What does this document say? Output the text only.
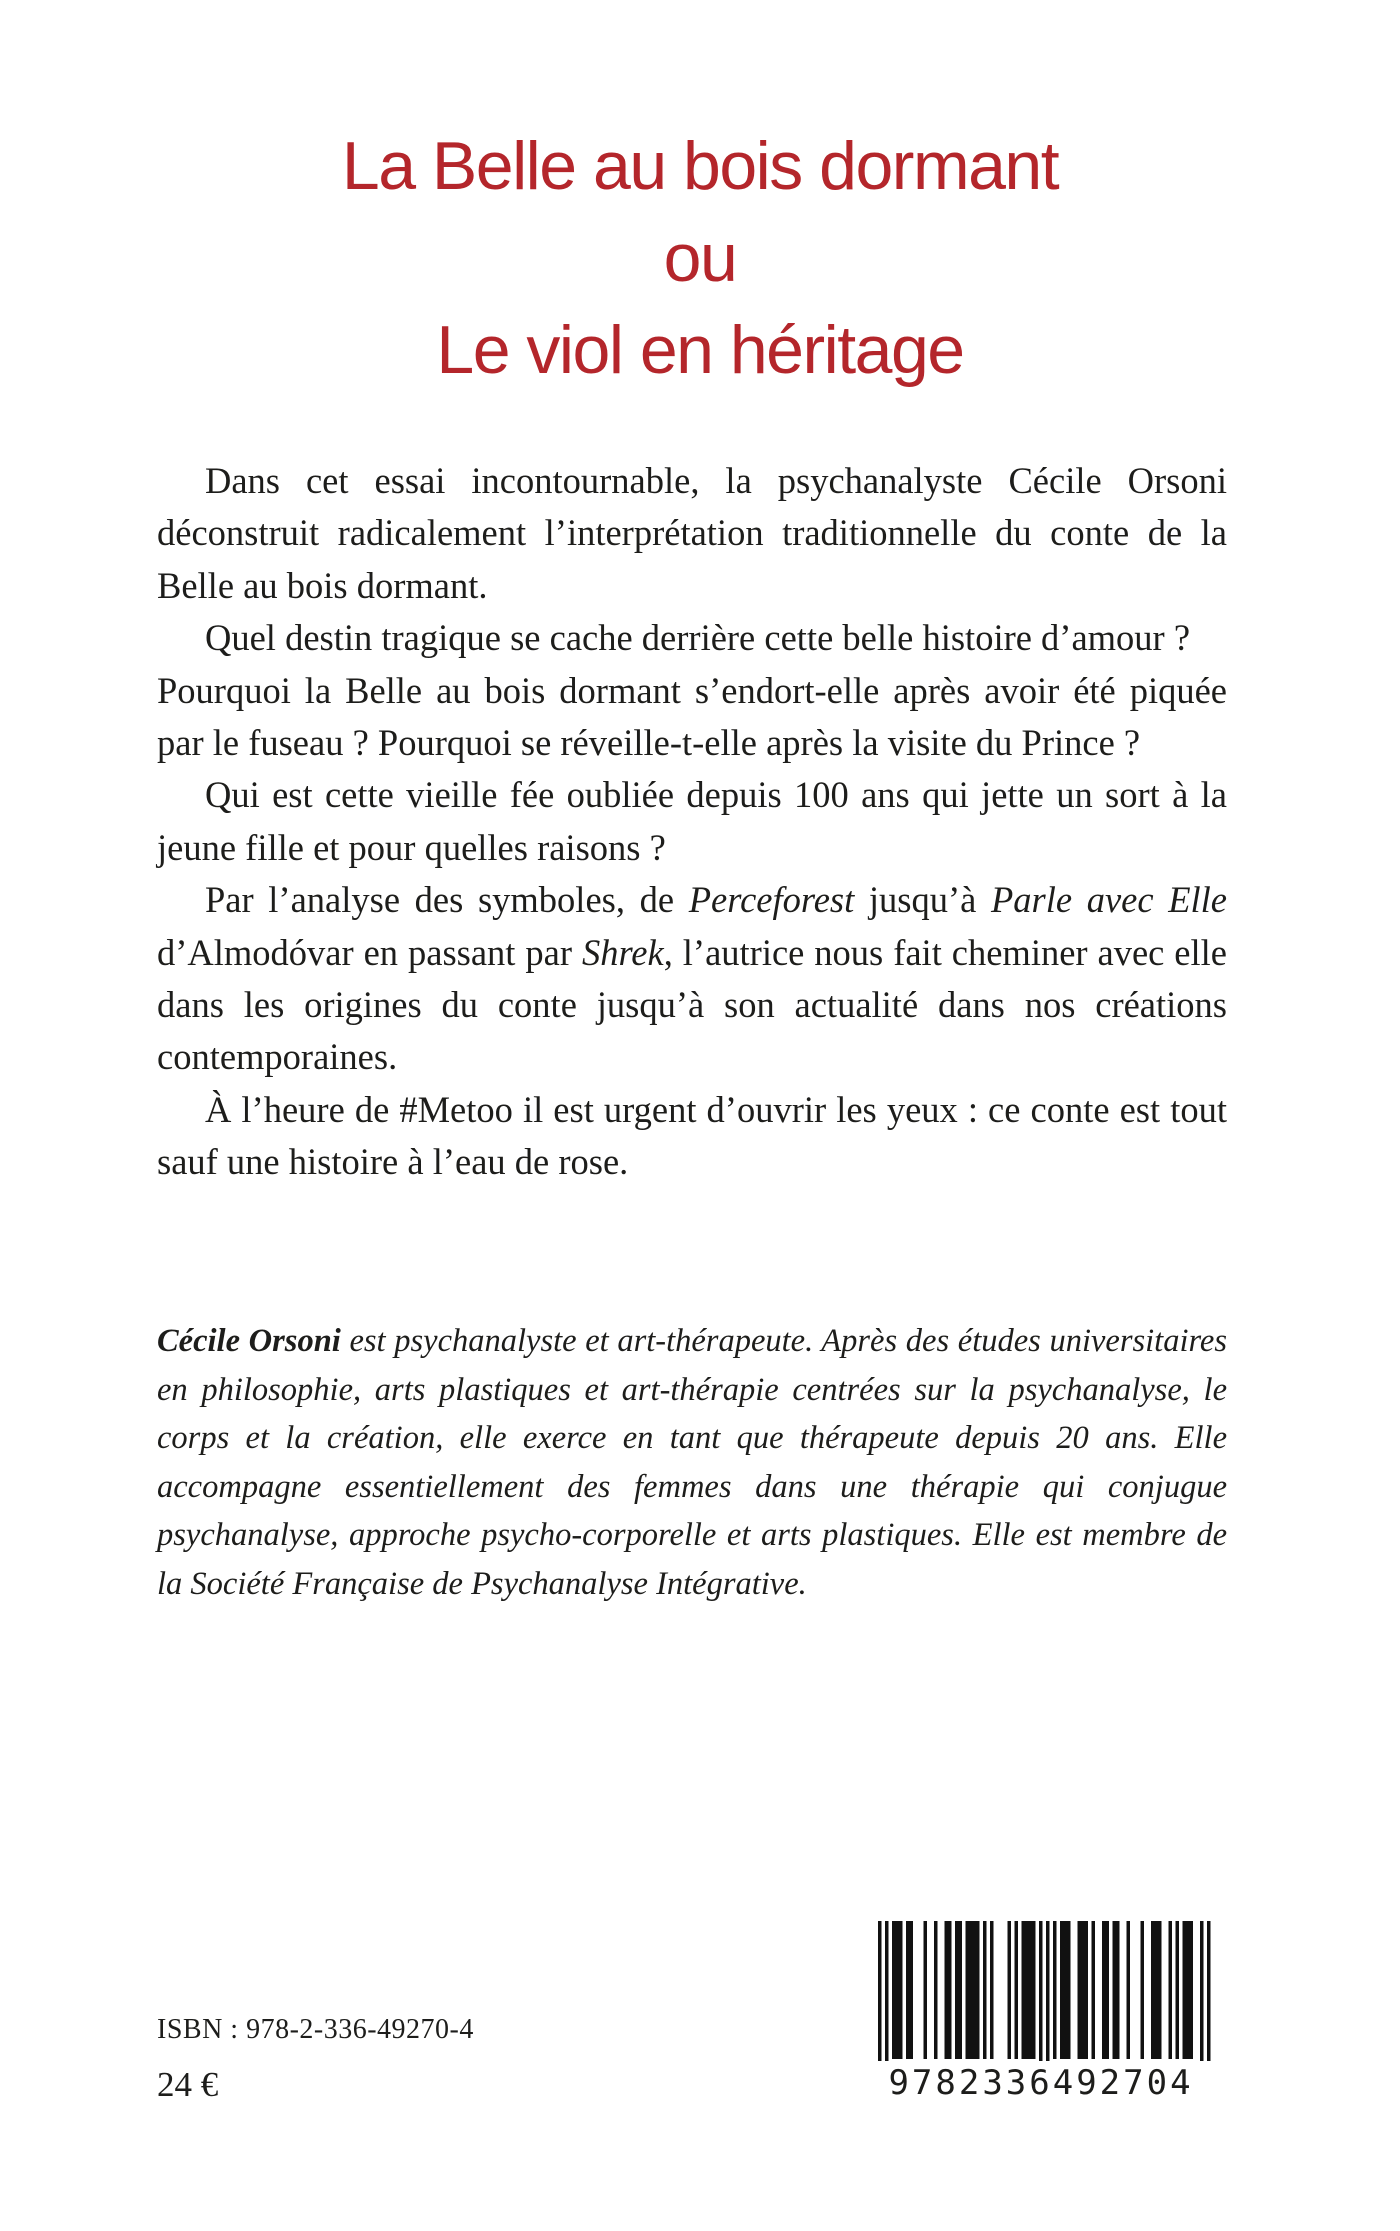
La Belle au bois dormant
ou
Le viol en héritage

Dans cet essai incontournable, la psychanalyste Cécile Orsoni déconstruit radicalement l’interprétation traditionnelle du conte de la Belle au bois dormant.

Quel destin tragique se cache derrière cette belle histoire d’amour ?

Pourquoi la Belle au bois dormant s’endort-elle après avoir été piquée par le fuseau ? Pourquoi se réveille-t-elle après la visite du Prince ?

Qui est cette vieille fée oubliée depuis 100 ans qui jette un sort à la jeune fille et pour quelles raisons ?

Par l’analyse des symboles, de Perceforest jusqu’à Parle avec Elle d’Almodóvar en passant par Shrek, l’autrice nous fait cheminer avec elle dans les origines du conte jusqu’à son actualité dans nos créations contemporaines.

À l’heure de #Metoo il est urgent d’ouvrir les yeux : ce conte est tout sauf une histoire à l’eau de rose.

Cécile Orsoni est psychanalyste et art-thérapeute. Après des études universitaires en philosophie, arts plastiques et art-thérapie centrées sur la psychanalyse, le corps et la création, elle exerce en tant que thérapeute depuis 20 ans. Elle accompagne essentiellement des femmes dans une thérapie qui conjugue psychanalyse, approche psycho-corporelle et arts plastiques. Elle est membre de la Société Française de Psychanalyse Intégrative.

ISBN : 978-2-336-49270-4
24 €	9782336492704
